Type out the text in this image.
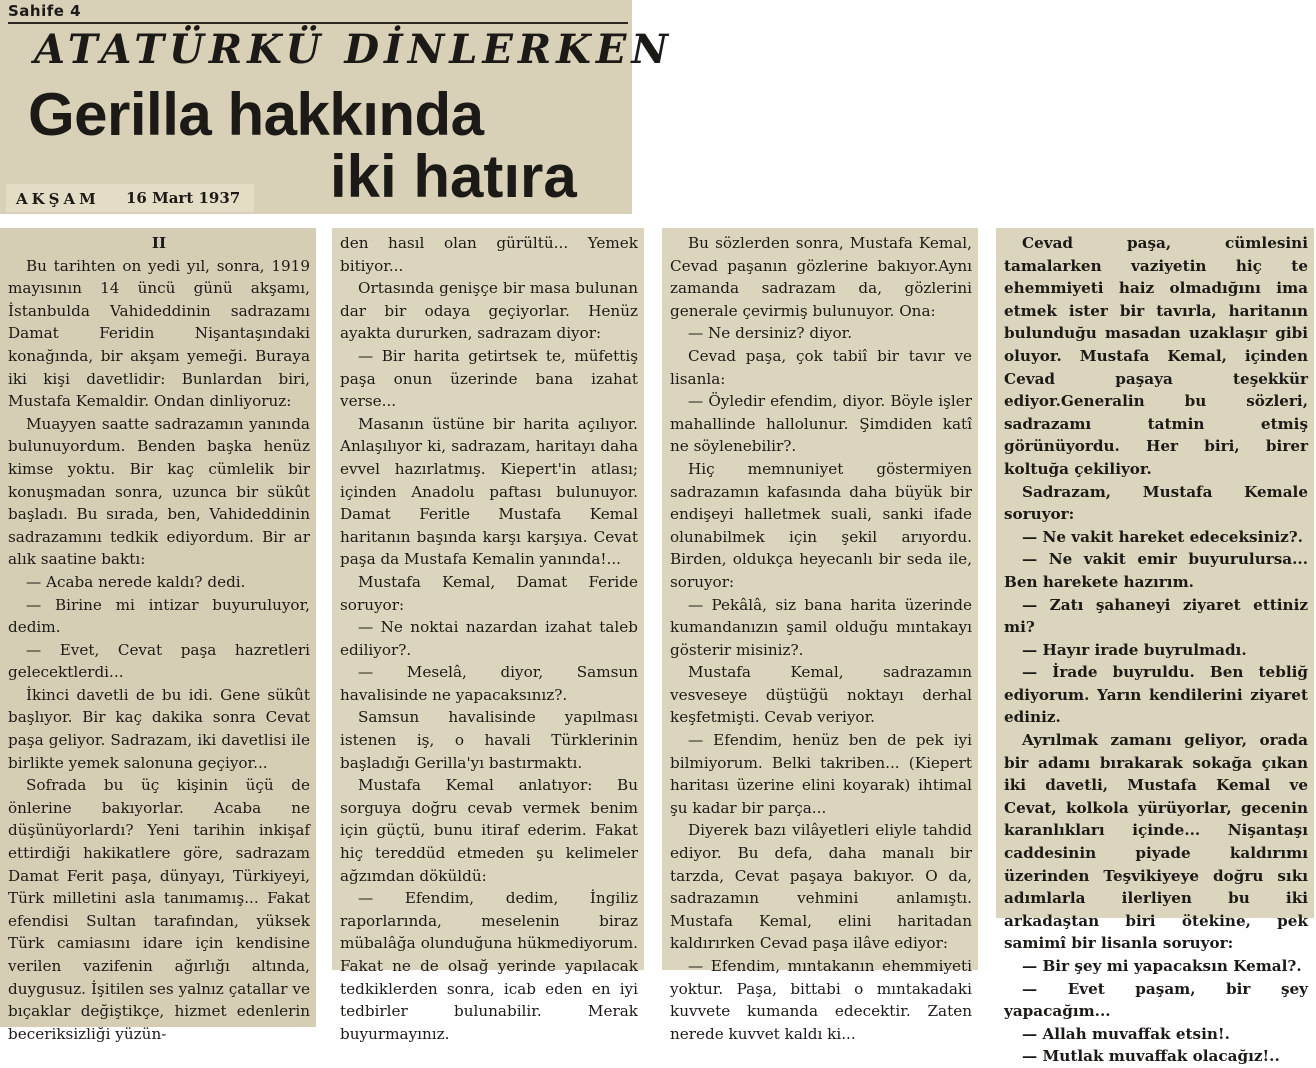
Sahife 4
ATATÜRKÜ DİNLERKEN
Gerilla hakkında
iki hatıra
AKŞAM 16 Mart 1937

II

Bu tarihten on yedi yıl, sonra, 1919 mayısının 14 üncü günü akşamı, İstanbulda Vahideddinin sadrazamı Damat Feridin Nişantaşındaki konağında, bir akşam yemeği. Buraya iki kişi davetlidir: Bunlardan biri, Mustafa Kemaldir. Ondan dinliyoruz:

Muayyen saatte sadrazamın yanında bulunuyordum. Benden başka henüz kimse yoktu. Bir kaç cümlelik bir konuşmadan sonra, uzunca bir sükût başladı. Bu sırada, ben, Vahideddinin sadrazamını tedkik ediyordum. Bir ar alık saatine baktı:

— Acaba nerede kaldı? dedi.

— Birine mi intizar buyuruluyor, dedim.

— Evet, Cevat paşa hazretleri gelecektlerdi...

İkinci davetli de bu idi. Gene sükût başlıyor. Bir kaç dakika sonra Cevat paşa geliyor. Sadrazam, iki davetlisi ile birlikte yemek salonuna geçiyor...

Sofrada bu üç kişinin üçü de önlerine bakıyorlar. Acaba ne düşünüyorlardı? Yeni tarihin inkişaf ettirdiği hakikatlere göre, sadrazam Damat Ferit paşa, dünyayı, Türkiyeyi, Türk milletini asla tanımamış... Fakat efendisi Sultan tarafından, yüksek Türk camiasını idare için kendisine verilen vazifenin ağırlığı altında, duygusuz. İşitilen ses yalnız çatallar ve bıçaklar değiştikçe, hizmet edenlerin beceriksizliği yüzün-

den hasıl olan gürültü... Yemek bitiyor...

Ortasında genişçe bir masa bulunan dar bir odaya geçiyorlar. Henüz ayakta dururken, sadrazam diyor:

— Bir harita getirtsek te, müfettiş paşa onun üzerinde bana izahat verse...

Masanın üstüne bir harita açılıyor. Anlaşılıyor ki, sadrazam, haritayı daha evvel hazırlatmış. Kiepert'in atlası; içinden Anadolu paftası bulunuyor. Damat Feritle Mustafa Kemal haritanın başında karşı karşıya. Cevat paşa da Mustafa Kemalin yanında!...

Mustafa Kemal, Damat Feride soruyor:

— Ne noktai nazardan izahat taleb ediliyor?.

— Meselâ, diyor, Samsun havalisinde ne yapacaksınız?.

Samsun havalisinde yapılması istenen iş, o havali Türklerinin başladığı Gerilla'yı bastırmaktı.

Mustafa Kemal anlatıyor: Bu sorguya doğru cevab vermek benim için güçtü, bunu itiraf ederim. Fakat hiç tereddüd etmeden şu kelimeler ağzımdan döküldü:

— Efendim, dedim, İngiliz raporlarında, meselenin biraz mübalâğa olunduğuna hükmediyorum. Fakat ne de olsağ yerinde yapılacak tedkiklerden sonra, icab eden en iyi tedbirler bulunabilir. Merak buyurmayınız.

Bu sözlerden sonra, Mustafa Kemal, Cevad paşanın gözlerine bakıyor.Aynı zamanda sadrazam da, gözlerini generale çevirmiş bulunuyor. Ona:

— Ne dersiniz? diyor.

Cevad paşa, çok tabiî bir tavır ve lisanla:

— Öyledir efendim, diyor. Böyle işler mahallinde hallolunur. Şimdiden katî ne söylenebilir?.

Hiç memnuniyet göstermiyen sadrazamın kafasında daha büyük bir endişeyi halletmek suali, sanki ifade olunabilmek için şekil arıyordu. Birden, oldukça heyecanlı bir seda ile, soruyor:

— Pekâlâ, siz bana harita üzerinde kumandanızın şamil olduğu mıntakayı gösterir misiniz?.

Mustafa Kemal, sadrazamın vesveseye düştüğü noktayı derhal keşfetmişti. Cevab veriyor.

— Efendim, henüz ben de pek iyi bilmiyorum. Belki takriben... (Kiepert haritası üzerine elini koyarak) ihtimal şu kadar bir parça...

Diyerek bazı vilâyetleri eliyle tahdid ediyor. Bu defa, daha manalı bir tarzda, Cevat paşaya bakıyor. O da, sadrazamın vehmini anlamıştı. Mustafa Kemal, elini haritadan kaldırırken Cevad paşa ilâve ediyor:

— Efendim, mıntakanın ehemmiyeti yoktur. Paşa, bittabi o mıntakadaki kuvvete kumanda edecektir. Zaten nerede kuvvet kaldı ki...

Cevad paşa, cümlesini tamalarken vaziyetin hiç te ehemmiyeti haiz olmadığını ima etmek ister bir tavırla, haritanın bulunduğu masadan uzaklaşır gibi oluyor. Mustafa Kemal, içinden Cevad paşaya teşekkür ediyor.Generalin bu sözleri, sadrazamı tatmin etmiş görünüyordu. Her biri, birer koltuğa çekiliyor.

Sadrazam, Mustafa Kemale soruyor:

— Ne vakit hareket edeceksiniz?.

— Ne vakit emir buyurulursa... Ben harekete hazırım.

— Zatı şahaneyi ziyaret ettiniz mi?

— Hayır irade buyrulmadı.

— İrade buyruldu. Ben tebliğ ediyorum. Yarın kendilerini ziyaret ediniz.

Ayrılmak zamanı geliyor, orada bir adamı bırakarak sokağa çıkan iki davetli, Mustafa Kemal ve Cevat, kolkola yürüyorlar, gecenin karanlıkları içinde... Nişantaşı caddesinin piyade kaldırımı üzerinden Teşvikiyeye doğru sıkı adımlarla ilerliyen bu iki arkadaştan biri ötekine, pek samimî bir lisanla soruyor:

— Bir şey mi yapacaksın Kemal?.

— Evet paşam, bir şey yapacağım...

— Allah muvaffak etsin!.

— Mutlak muvaffak olacağız!..
